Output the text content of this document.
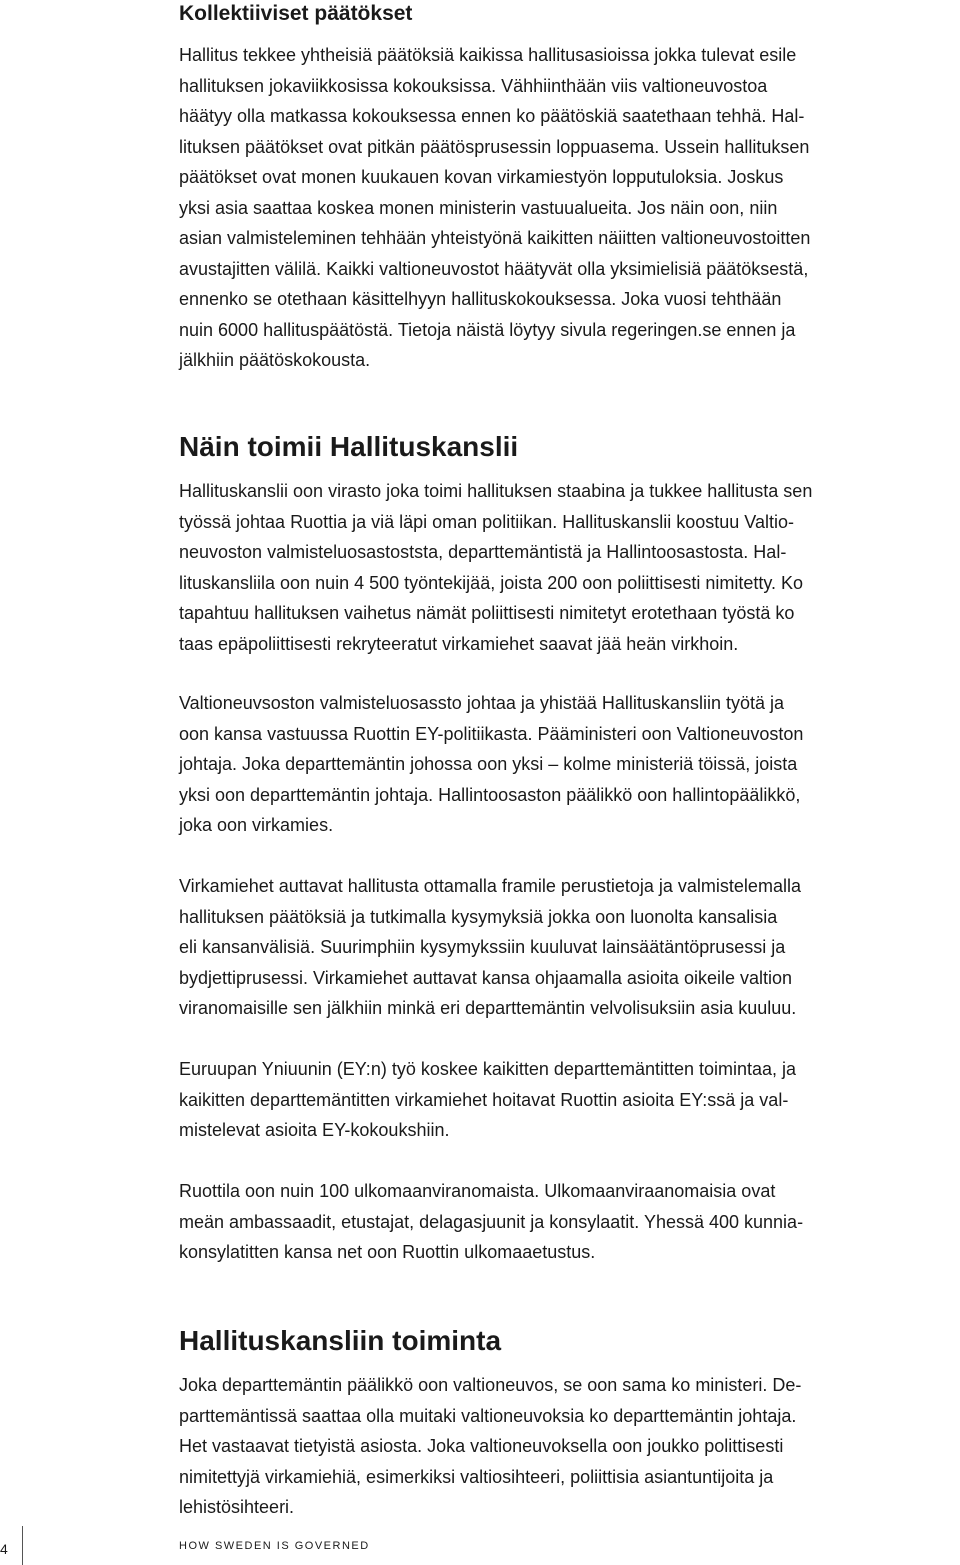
Kollektiiviset päätökset
Hallitus tekkee yhtheisiä päätöksiä kaikissa hallitusasioissa jokka tulevat esile
hallituksen jokaviikkosissa kokouksissa. Vähhiinthään viis valtioneuvostoa
häätyy olla matkassa kokouksessa ennen ko päätöskiä saatethaan tehhä. Hal-
lituksen päätökset ovat pitkän päätösprusessin loppuasema. Ussein hallituksen
päätökset ovat monen kuukauen kovan virkamiestyön lopputuloksia. Joskus
yksi asia saattaa koskea monen ministerin vastuualueita. Jos näin oon, niin
asian valmisteleminen tehhään yhteistyönä kaikitten näiitten valtioneuvostoitten
avustajitten välilä. Kaikki valtioneuvostot häätyvät olla yksimielisiä päätöksestä,
ennenko se otethaan käsittelhyyn hallituskokouksessa. Joka vuosi tehthään
nuin 6000 hallituspäätöstä. Tietoja näistä löytyy sivula regeringen.se ennen ja
jälkhiin päätöskokousta.
Näin toimii Hallituskanslii
Hallituskanslii oon virasto joka toimi hallituksen staabina ja tukkee hallitusta sen
työssä johtaa Ruottia ja viä läpi oman politiikan. Hallituskanslii koostuu Valtio-
neuvoston valmisteluosastoststa, departtemäntistä ja Hallintoosastosta. Hal-
lituskansliila oon nuin 4 500 työntekijää, joista 200 oon poliittisesti nimitetty. Ko
tapahtuu hallituksen vaihetus nämät poliittisesti nimitetyt erotethaan työstä ko
taas epäpoliittisesti rekryteeratut virkamiehet saavat jää heän virkhoin.
Valtioneuvsoston valmisteluosassto johtaa ja yhistää Hallituskansliin työtä ja
oon kansa vastuussa Ruottin EY-politiikasta. Pääministeri oon Valtioneuvoston
johtaja. Joka departtemäntin johossa oon yksi – kolme ministeriä töissä, joista
yksi oon departtemäntin johtaja. Hallintoosaston päälikkö oon hallintopäälikkö,
joka oon virkamies.
Virkamiehet auttavat hallitusta ottamalla framile perustietoja ja valmistelemalla
hallituksen päätöksiä ja tutkimalla kysymyksiä jokka oon luonolta kansalisia
eli kansanvälisiä. Suurimphiin kysymykssiin kuuluvat lainsäätäntöprusessi ja
bydjettiprusessi. Virkamiehet auttavat kansa ohjaamalla asioita oikeile valtion
viranomaisille sen jälkhiin minkä eri departtemäntin velvolisuksiin asia kuuluu.
Euruupan Yniuunin (EY:n) työ koskee kaikitten departtemäntitten toimintaa, ja
kaikitten departtemäntitten virkamiehet hoitavat Ruottin asioita EY:ssä ja val-
mistelevat asioita EY-kokoukshiin.
Ruottila oon nuin 100 ulkomaanviranomaista. Ulkomaanviraanomaisia ovat
meän ambassaadit, etustajat, delagasjuunit ja konsylaatit. Yhessä 400 kunnia-
konsylatitten kansa net oon Ruottin ulkomaaetustus.
Hallituskansliin toiminta
Joka departtemäntin päälikkö oon valtioneuvos, se oon sama ko ministeri. De-
parttemäntissä saattaa olla muitaki valtioneuvoksia ko departtemäntin johtaja.
Het vastaavat tietyistä asiosta. Joka valtioneuvoksella oon joukko polittisesti
nimitettyjä virkamiehiä, esimerkiksi valtiosihteeri, poliittisia asiantuntijoita ja
lehistösihteeri.
4	HOW SWEDEN IS GOVERNED
